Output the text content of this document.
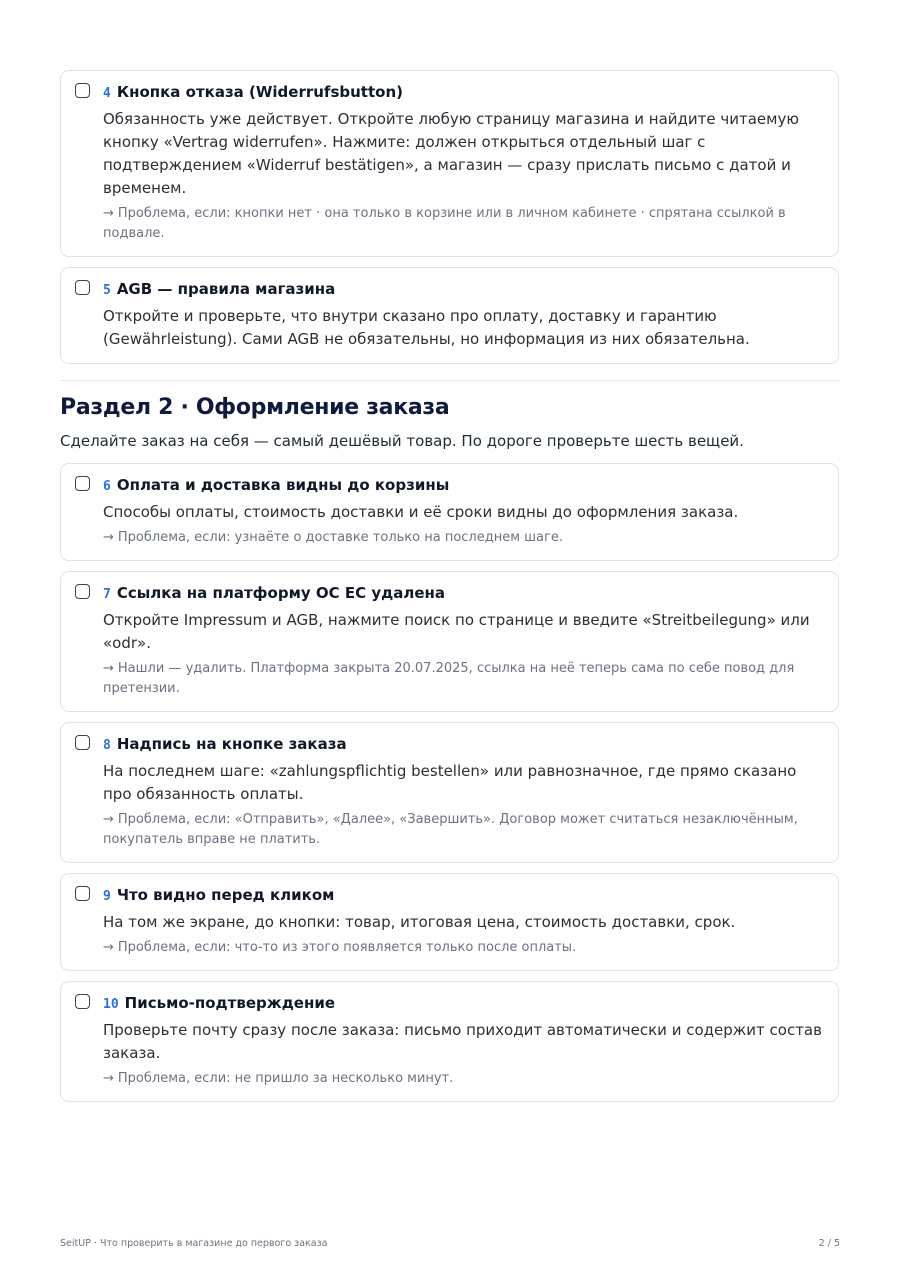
4 Кнопка отказа (Widerrufsbutton)
Обязанность уже действует. Откройте любую страницу магазина и найдите читаемую кнопку «Vertrag widerrufen». Нажмите: должен открыться отдельный шаг с подтверждением «Widerruf bestätigen», а магазин — сразу прислать письмо с датой и временем.
→ Проблема, если: кнопки нет · она только в корзине или в личном кабинете · спрятана ссылкой в подвале.
5 AGB — правила магазина
Откройте и проверьте, что внутри сказано про оплату, доставку и гарантию (Gewährleistung). Сами AGB не обязательны, но информация из них обязательна.
Раздел 2 · Оформление заказа
Сделайте заказ на себя — самый дешёвый товар. По дороге проверьте шесть вещей.
6 Оплата и доставка видны до корзины
Способы оплаты, стоимость доставки и её сроки видны до оформления заказа.
→ Проблема, если: узнаёте о доставке только на последнем шаге.
7 Ссылка на платформу ОС ЕС удалена
Откройте Impressum и AGB, нажмите поиск по странице и введите «Streitbeilegung» или «odr».
→ Нашли — удалить. Платформа закрыта 20.07.2025, ссылка на неё теперь сама по себе повод для претензии.
8 Надпись на кнопке заказа
На последнем шаге: «zahlungspflichtig bestellen» или равнозначное, где прямо сказано про обязанность оплаты.
→ Проблема, если: «Отправить», «Далее», «Завершить». Договор может считаться незаключённым, покупатель вправе не платить.
9 Что видно перед кликом
На том же экране, до кнопки: товар, итоговая цена, стоимость доставки, срок.
→ Проблема, если: что-то из этого появляется только после оплаты.
10 Письмо-подтверждение
Проверьте почту сразу после заказа: письмо приходит автоматически и содержит состав заказа.
→ Проблема, если: не пришло за несколько минут.
SeitUP · Что проверить в магазине до первого заказа	2 / 5
